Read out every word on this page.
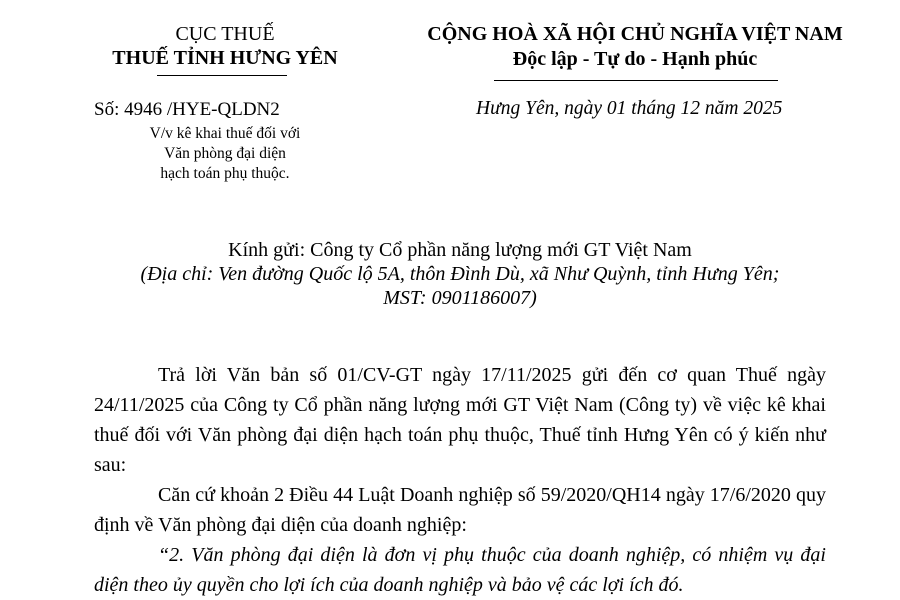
CỤC THUẾ
THUẾ TỈNH HƯNG YÊN
CỘNG HOÀ XÃ HỘI CHỦ NGHĨA VIỆT NAM
Độc lập - Tự do - Hạnh phúc
Số: 4946 /HYE-QLDN2
V/v kê khai thuế đối với
Văn phòng đại diện
hạch toán phụ thuộc.
Hưng Yên, ngày 01 tháng 12 năm 2025
Kính gửi: Công ty Cổ phần năng lượng mới GT Việt Nam
(Địa chỉ: Ven đường Quốc lộ 5A, thôn Đình Dù, xã Như Quỳnh, tỉnh Hưng Yên;
MST: 0901186007)

Trả lời Văn bản số 01/CV-GT ngày 17/11/2025 gửi đến cơ quan Thuế ngày 24/11/2025 của Công ty Cổ phần năng lượng mới GT Việt Nam (Công ty) về việc kê khai thuế đối với Văn phòng đại diện hạch toán phụ thuộc, Thuế tỉnh Hưng Yên có ý kiến như sau:

Căn cứ khoản 2 Điều 44 Luật Doanh nghiệp số 59/2020/QH14 ngày 17/6/2020 quy định về Văn phòng đại diện của doanh nghiệp:

“2. Văn phòng đại diện là đơn vị phụ thuộc của doanh nghiệp, có nhiệm vụ đại diện theo ủy quyền cho lợi ích của doanh nghiệp và bảo vệ các lợi ích đó.
